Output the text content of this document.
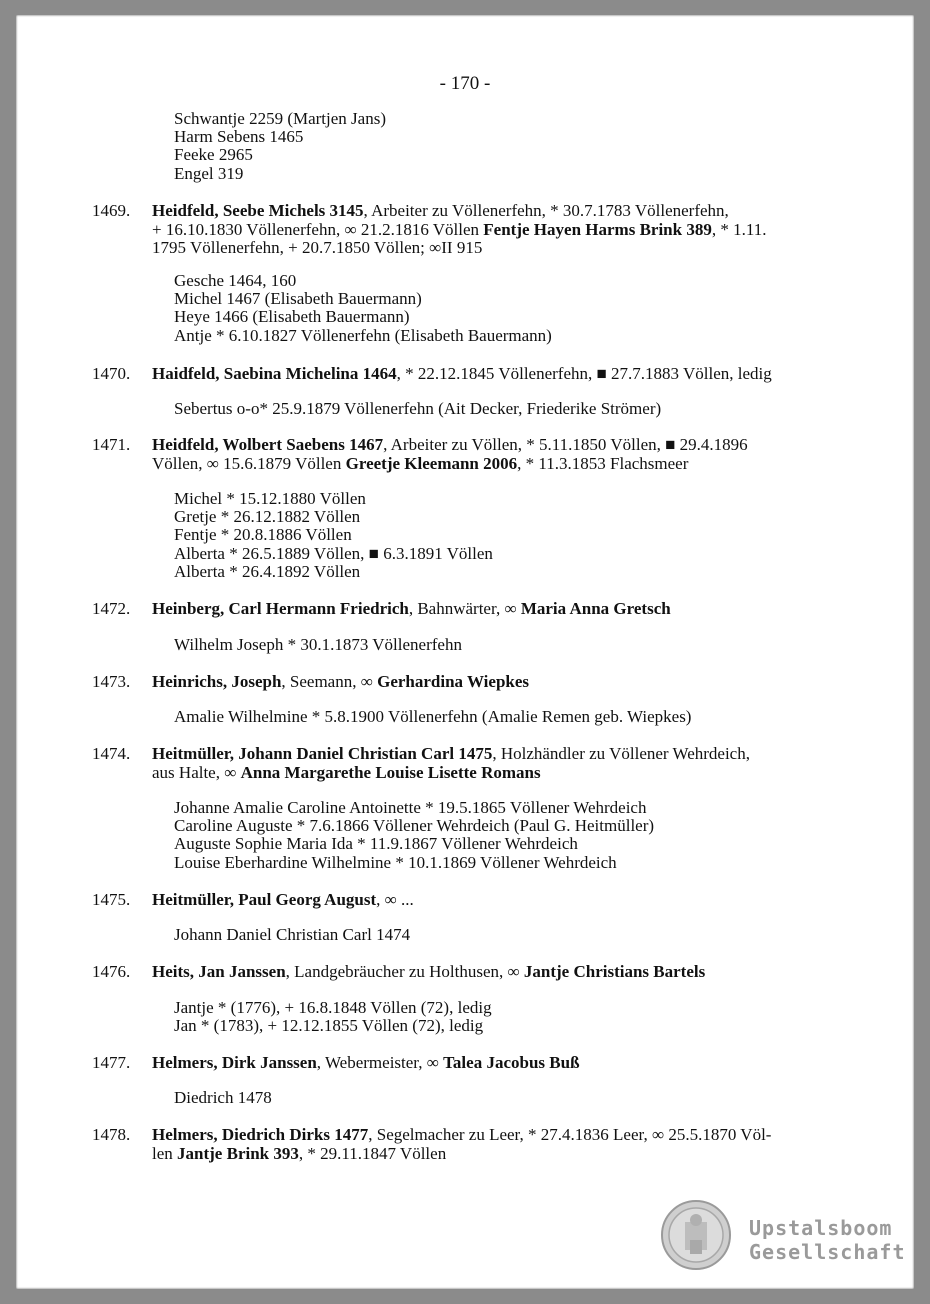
- 170 -
Schwantje 2259 (Martjen Jans)
Harm Sebens 1465
Feeke 2965
Engel 319
1469.	Heidfeld, Seebe Michels 3145, Arbeiter zu Völlenerfehn, * 30.7.1783 Völlenerfehn,
+ 16.10.1830 Völlenerfehn, ∞ 21.2.1816 Völlen Fentje Hayen Harms Brink 389, * 1.11.
1795 Völlenerfehn, + 20.7.1850 Völlen; ∞II 915
Gesche 1464, 160
Michel 1467 (Elisabeth Bauermann)
Heye 1466 (Elisabeth Bauermann)
Antje * 6.10.1827 Völlenerfehn (Elisabeth Bauermann)
1470.	Haidfeld, Saebina Michelina 1464, * 22.12.1845 Völlenerfehn, ■ 27.7.1883 Völlen, ledig
Sebertus o-o* 25.9.1879 Völlenerfehn (Ait Decker, Friederike Strömer)
1471.	Heidfeld, Wolbert Saebens 1467, Arbeiter zu Völlen, * 5.11.1850 Völlen, ■ 29.4.1896
Völlen, ∞ 15.6.1879 Völlen Greetje Kleemann 2006, * 11.3.1853 Flachsmeer
Michel * 15.12.1880 Völlen
Gretje * 26.12.1882 Völlen
Fentje * 20.8.1886 Völlen
Alberta * 26.5.1889 Völlen, ■ 6.3.1891 Völlen
Alberta * 26.4.1892 Völlen
1472.	Heinberg, Carl Hermann Friedrich, Bahnwärter, ∞ Maria Anna Gretsch
Wilhelm Joseph * 30.1.1873 Völlenerfehn
1473.	Heinrichs, Joseph, Seemann, ∞ Gerhardina Wiepkes
Amalie Wilhelmine * 5.8.1900 Völlenerfehn (Amalie Remen geb. Wiepkes)
1474.	Heitmüller, Johann Daniel Christian Carl 1475, Holzhändler zu Völlener Wehrdeich,
aus Halte, ∞ Anna Margarethe Louise Lisette Romans
Johanne Amalie Caroline Antoinette * 19.5.1865 Völlener Wehrdeich
Caroline Auguste * 7.6.1866 Völlener Wehrdeich (Paul G. Heitmüller)
Auguste Sophie Maria Ida * 11.9.1867 Völlener Wehrdeich
Louise Eberhardine Wilhelmine * 10.1.1869 Völlener Wehrdeich
1475.	Heitmüller, Paul Georg August, ∞ ...
Johann Daniel Christian Carl 1474
1476.	Heits, Jan Janssen, Landgebräucher zu Holthusen, ∞ Jantje Christians Bartels
Jantje * (1776), + 16.8.1848 Völlen (72), ledig
Jan * (1783), + 12.12.1855 Völlen (72), ledig
1477.	Helmers, Dirk Janssen, Webermeister, ∞ Talea Jacobus Buß
Diedrich 1478
1478.	Helmers, Diedrich Dirks 1477, Segelmacher zu Leer, * 27.4.1836 Leer, ∞ 25.5.1870 Völ-
len Jantje Brink 393, * 29.11.1847 Völlen
Upstalsboom
Gesellschaft
